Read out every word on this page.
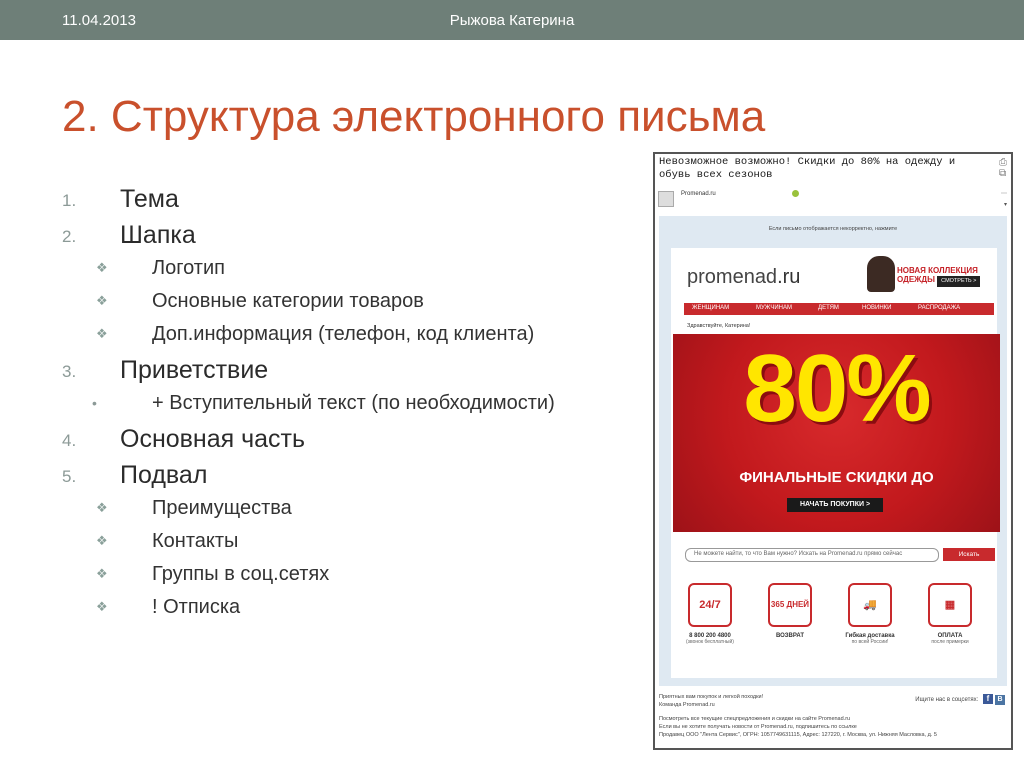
11.04.2013	Рыжова Катерина
2. Структура электронного письма
1. Тема
2. Шапка
❖ Логотип
❖ Основные категории товаров
❖ Доп.информация (телефон, код клиента)
3. Приветствие
•	+ Вступительный текст (по необходимости)
4. Основная часть
5. Подвал
❖ Преимущества
❖ Контакты
❖ Группы в соц.сетях
❖ ! Отписка
Невозможное возможно! Скидки до 80% на одежду и обувь всех сезонов
⎙
⧉
Promenad.ru	⋯
▾
Если письмо отображается некорректно, нажмите
promenad.ru	НОВАЯ КОЛЛЕКЦИЯ
ОДЕЖДЫ СМОТРЕТЬ >
ЖЕНЩИНАМ	МУЖЧИНАМ	ДЕТЯМ	НОВИНКИ	РАСПРОДАЖА
Здравствуйте, Катерина!
80%
ФИНАЛЬНЫЕ СКИДКИ ДО
НАЧАТЬ ПОКУПКИ >
Не можете найти, то что Вам нужно? Искать на Promenad.ru прямо сейчас	Искать
24/7
8 800 200 4800
(звонок бесплатный)
365 ДНЕЙ
ВОЗВРАТ
🚚
Гибкая доставка
по всей России!
▦
ОПЛАТА
после примерки
Приятных вам покупок и легкой походки!
Команда Promenad.ru
Ищите нас в соцсетях: f B
Посмотреть все текущие спецпредложения и скидки на сайте Promenad.ru
Если вы не хотите получать новости от Promenad.ru, подпишитесь по ссылке
Продавец ООО "Лента Сервис", ОГРН: 1057749631115, Адрес: 127220, г. Москва, ул. Нижняя Масловка, д. 5
